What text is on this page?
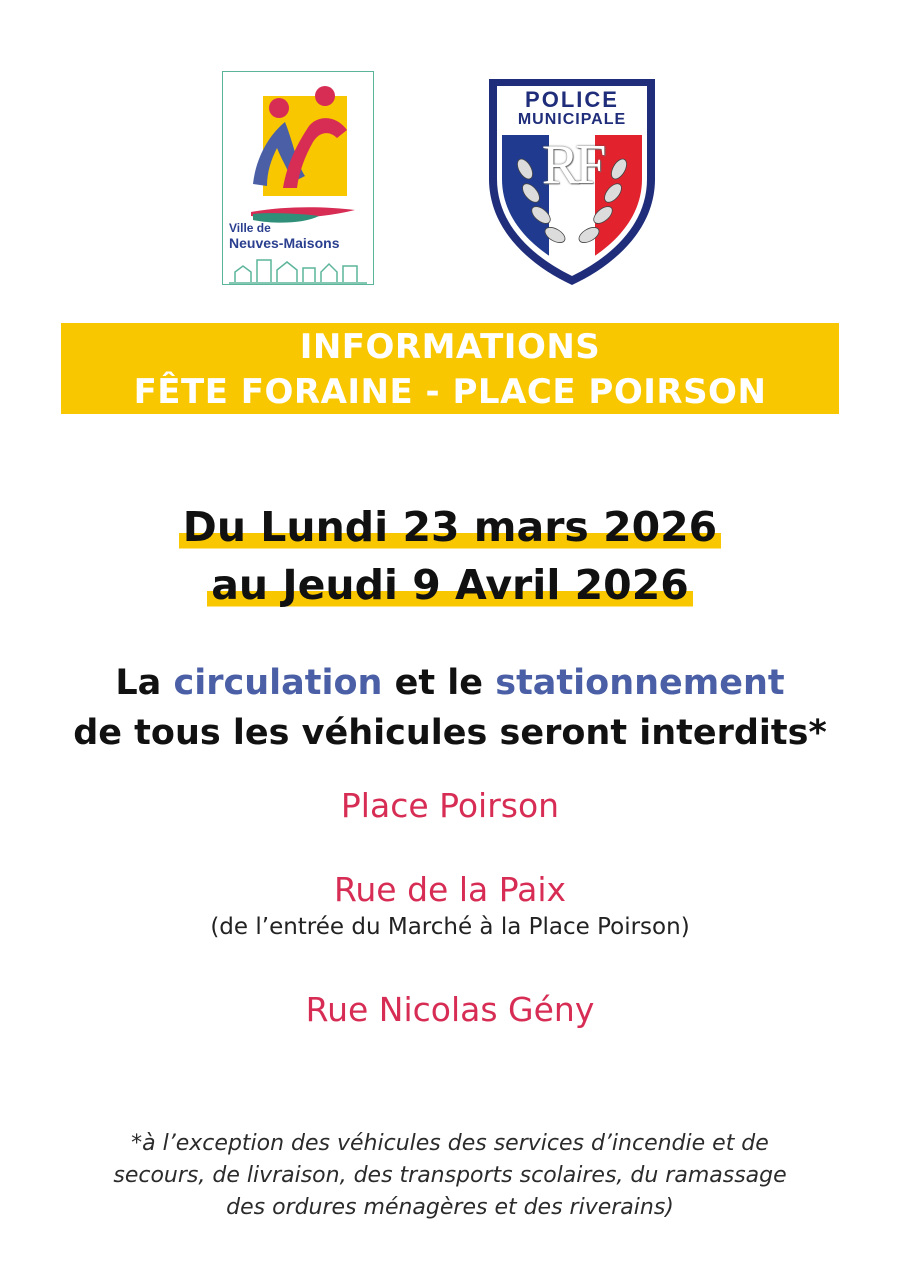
Ville de
Neuves-Maisons
POLICE
MUNICIPALE
RF
INFORMATIONS
FÊTE FORAINE - PLACE POIRSON
Du Lundi 23 mars 2026
au Jeudi 9 Avril 2026
La circulation et le stationnement
de tous les véhicules seront interdits*
Place Poirson
Rue de la Paix
(de l’entrée du Marché à la Place Poirson)
Rue Nicolas Gény
*à l’exception des véhicules des services d’incendie et de
secours, de livraison, des transports scolaires, du ramassage
des ordures ménagères et des riverains)
